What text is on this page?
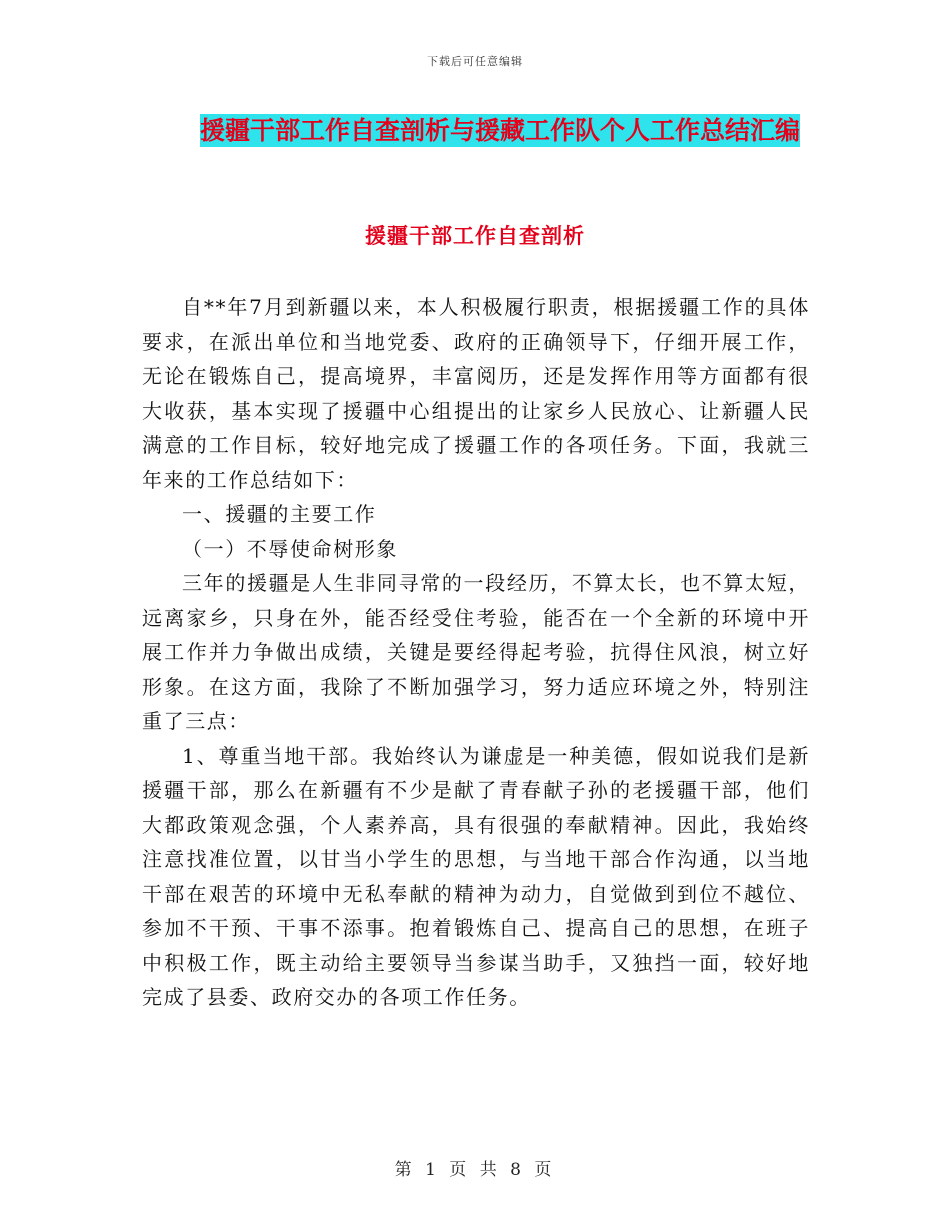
下载后可任意编辑
援疆干部工作自查剖析与援藏工作队个人工作总结汇编
援疆干部工作自查剖析

自**年7月到新疆以来，本人积极履行职责，根据援疆工作的具体要求，在派出单位和当地党委、政府的正确领导下，仔细开展工作，无论在锻炼自己，提高境界，丰富阅历，还是发挥作用等方面都有很大收获，基本实现了援疆中心组提出的让家乡人民放心、让新疆人民满意的工作目标，较好地完成了援疆工作的各项任务。下面，我就三年来的工作总结如下：

一、援疆的主要工作

（一）不辱使命树形象

三年的援疆是人生非同寻常的一段经历，不算太长，也不算太短，远离家乡，只身在外，能否经受住考验，能否在一个全新的环境中开展工作并力争做出成绩，关键是要经得起考验，抗得住风浪，树立好形象。在这方面，我除了不断加强学习，努力适应环境之外，特别注重了三点：

1、尊重当地干部。我始终认为谦虚是一种美德，假如说我们是新援疆干部，那么在新疆有不少是献了青春献子孙的老援疆干部，他们大都政策观念强，个人素养高，具有很强的奉献精神。因此，我始终注意找准位置，以甘当小学生的思想，与当地干部合作沟通，以当地干部在艰苦的环境中无私奉献的精神为动力，自觉做到到位不越位、参加不干预、干事不添事。抱着锻炼自己、提高自己的思想，在班子中积极工作，既主动给主要领导当参谋当助手，又独挡一面，较好地完成了县委、政府交办的各项工作任务。

第 1 页 共 8 页
